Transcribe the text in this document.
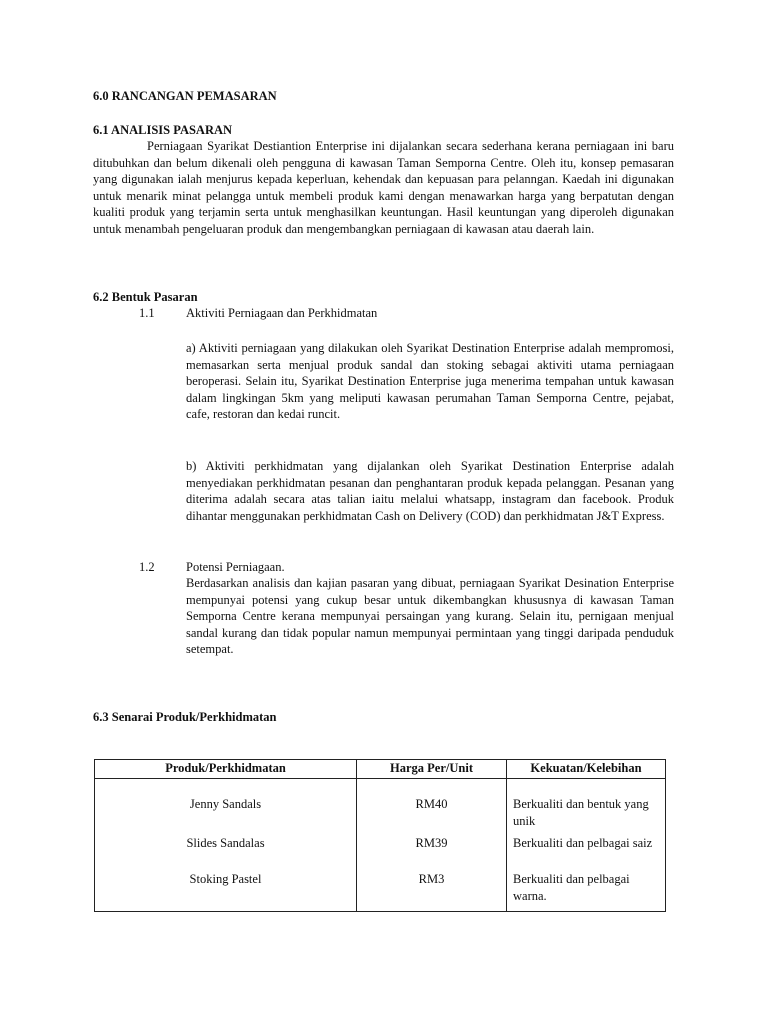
6.0 RANCANGAN PEMASARAN
6.1 ANALISIS PASARAN
Perniagaan Syarikat Destiantion Enterprise ini dijalankan secara sederhana kerana perniagaan ini baru ditubuhkan dan belum dikenali oleh pengguna di kawasan Taman Semporna Centre. Oleh itu, konsep pemasaran yang digunakan ialah menjurus kepada keperluan, kehendak dan kepuasan para pelanngan. Kaedah ini digunakan untuk menarik minat pelangga untuk membeli produk kami dengan menawarkan harga yang berpatutan dengan kualiti produk yang terjamin serta untuk menghasilkan keuntungan. Hasil keuntungan yang diperoleh digunakan untuk menambah pengeluaran produk dan mengembangkan perniagaan di kawasan atau daerah lain.
6.2 Bentuk Pasaran
1.1	Aktiviti Perniagaan dan Perkhidmatan
a) Aktiviti perniagaan yang dilakukan oleh Syarikat Destination Enterprise adalah mempromosi, memasarkan serta menjual produk sandal dan stoking sebagai aktiviti utama perniagaan beroperasi. Selain itu, Syarikat Destination Enterprise juga menerima tempahan untuk kawasan dalam lingkingan 5km yang meliputi kawasan perumahan Taman Semporna Centre, pejabat, cafe, restoran dan kedai runcit.
b) Aktiviti perkhidmatan yang dijalankan oleh Syarikat Destination Enterprise adalah menyediakan perkhidmatan pesanan dan penghantaran produk kepada pelanggan. Pesanan yang diterima adalah secara atas talian iaitu melalui whatsapp, instagram dan facebook. Produk dihantar menggunakan perkhidmatan Cash on Delivery (COD) dan perkhidmatan J&T Express.
1.2	Potensi Perniagaan.
Berdasarkan analisis dan kajian pasaran yang dibuat, perniagaan Syarikat Desination Enterprise mempunyai potensi yang cukup besar untuk dikembangkan khususnya di kawasan Taman Semporna Centre kerana mempunyai persaingan yang kurang. Selain itu, pernigaan menjual sandal kurang dan tidak popular namun mempunyai permintaan yang tinggi daripada penduduk setempat.
6.3 Senarai Produk/Perkhidmatan
Produk/Perkhidmatan	Harga Per/Unit	Kekuatan/Kelebihan
Jenny Sandals	RM40	Berkualiti dan bentuk yang unik
Slides Sandalas	RM39	Berkualiti dan pelbagai saiz
Stoking Pastel	RM3	Berkualiti dan pelbagai warna.
